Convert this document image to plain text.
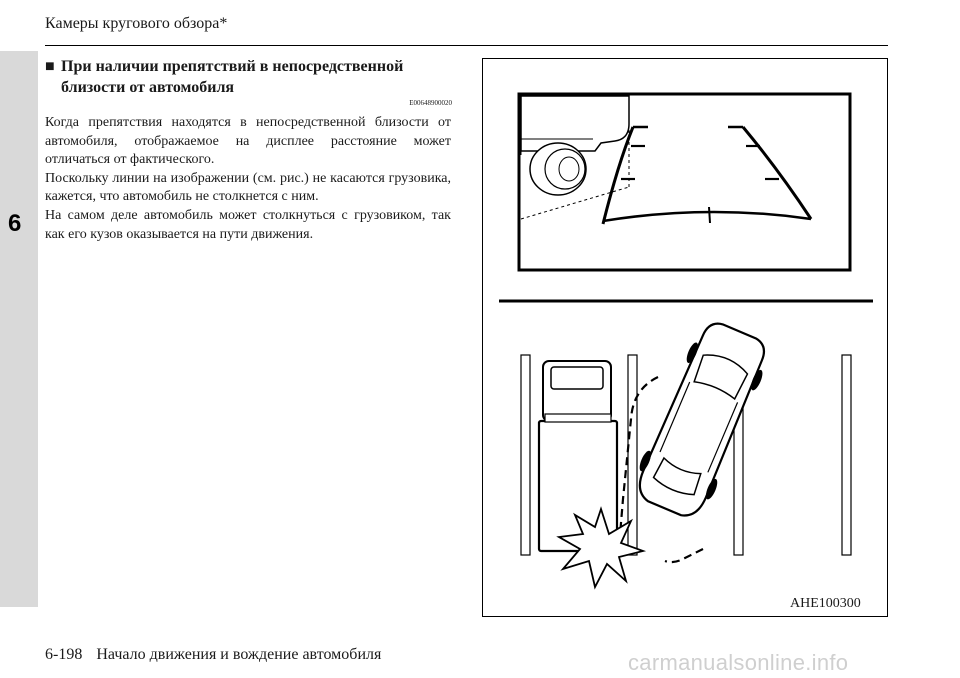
6
Камеры кругового обзора*
■ При наличии препятствий в непосредственной
близости от автомобиля
E00648900020

Когда препятствия находятся в непосредственной близости от автомобиля, отображаемое на дисплее расстояние может отличаться от фактического.

Поскольку линии на изображении (см. рис.) не касаются грузовика, кажется, что автомобиль не столкнется с ним.

На самом деле автомобиль может столкнуться с грузовиком, так как его кузов оказывается на пути движения.

AHE100300
6-198 Начало движения и вождение автомобиля	carmanualsonline.info
